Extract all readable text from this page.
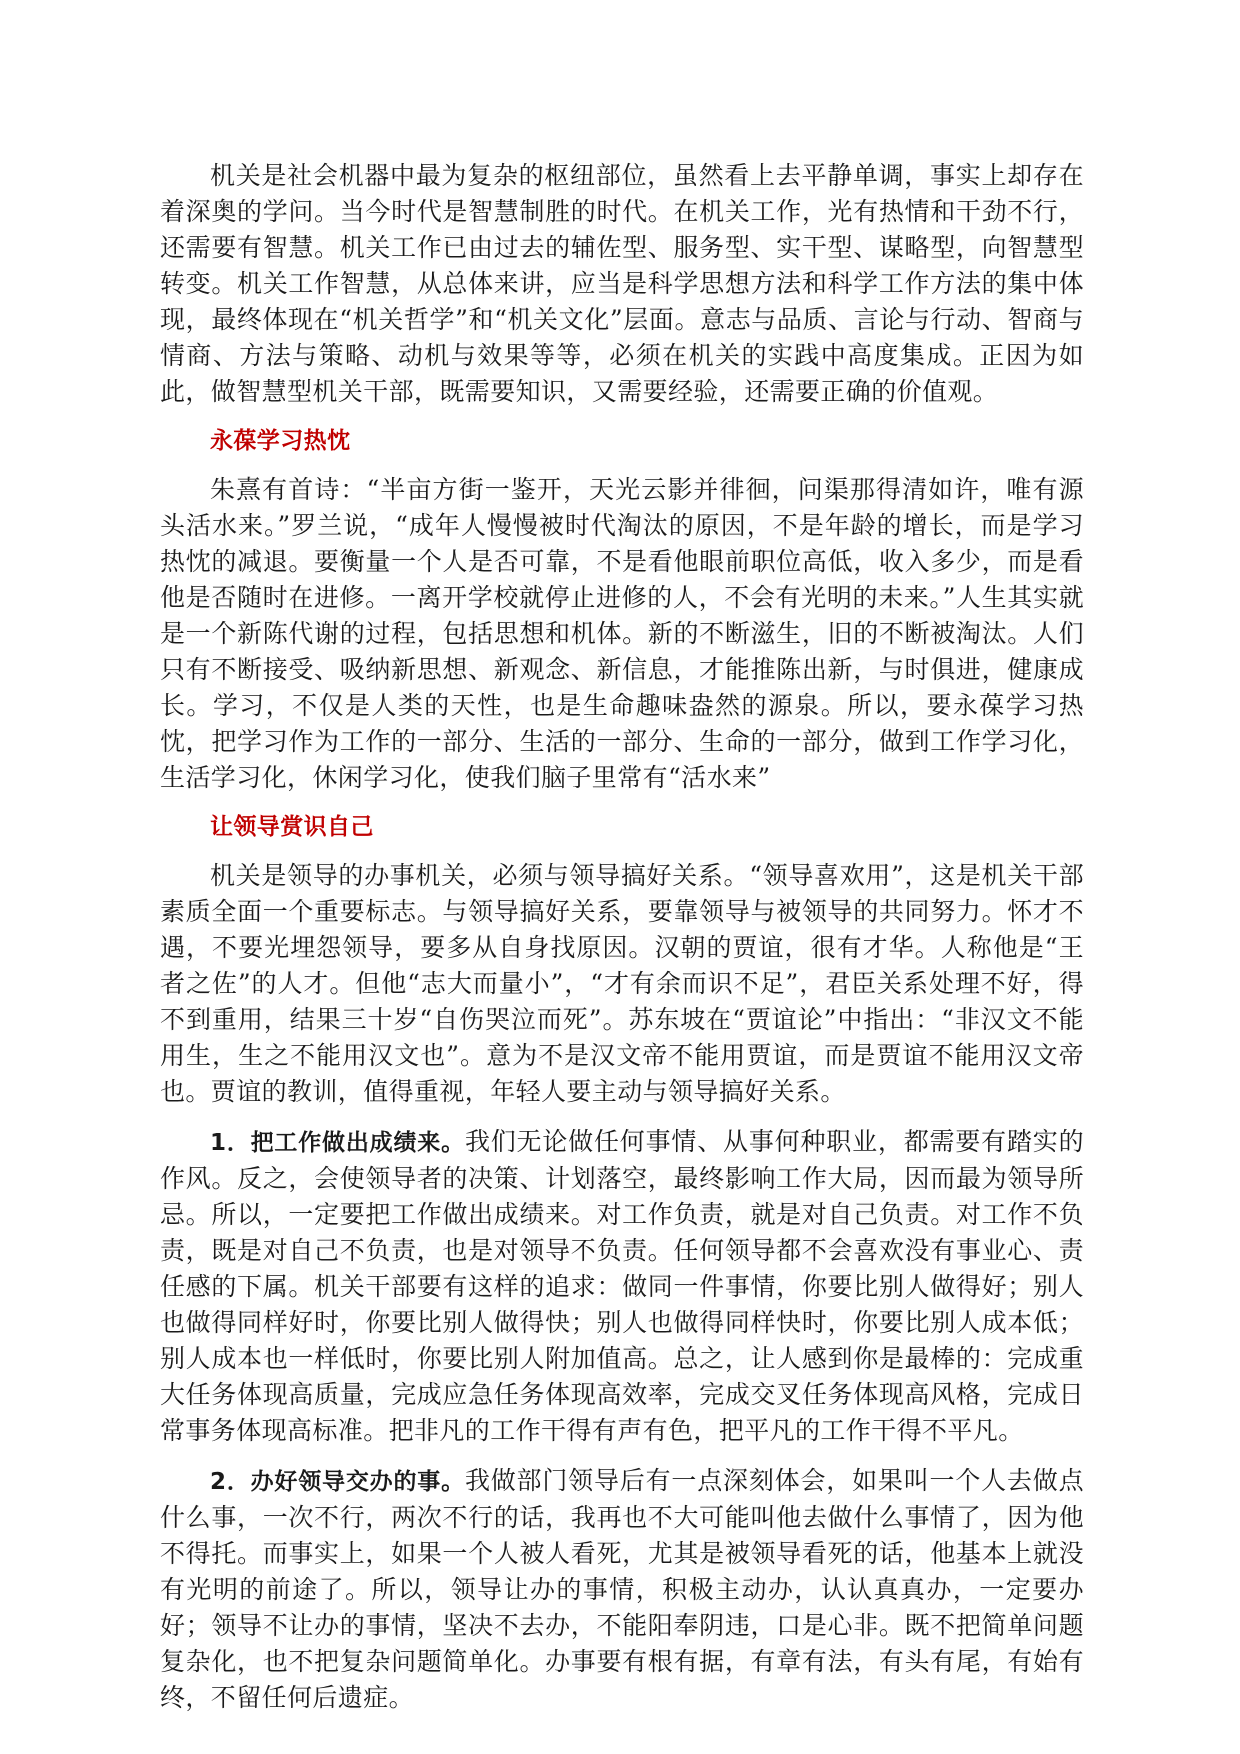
机关是社会机器中最为复杂的枢纽部位，虽然看上去平静单调，事实上却存在着深奥的学问。当今时代是智慧制胜的时代。在机关工作，光有热情和干劲不行，还需要有智慧。机关工作已由过去的辅佐型、服务型、实干型、谋略型，向智慧型转变。机关工作智慧，从总体来讲，应当是科学思想方法和科学工作方法的集中体现，最终体现在“机关哲学”和“机关文化”层面。意志与品质、言论与行动、智商与情商、方法与策略、动机与效果等等，必须在机关的实践中高度集成。正因为如此，做智慧型机关干部，既需要知识，又需要经验，还需要正确的价值观。

永葆学习热忱

朱熹有首诗：“半亩方街一鉴开，天光云影并徘徊，问渠那得清如许，唯有源头活水来。”罗兰说，“成年人慢慢被时代淘汰的原因，不是年龄的增长，而是学习热忱的减退。要衡量一个人是否可靠，不是看他眼前职位高低，收入多少，而是看他是否随时在进修。一离开学校就停止进修的人，不会有光明的未来。”人生其实就是一个新陈代谢的过程，包括思想和机体。新的不断滋生，旧的不断被淘汰。人们只有不断接受、吸纳新思想、新观念、新信息，才能推陈出新，与时俱进，健康成长。学习，不仅是人类的天性，也是生命趣味盎然的源泉。所以，要永葆学习热忱，把学习作为工作的一部分、生活的一部分、生命的一部分，做到工作学习化，生活学习化，休闲学习化，使我们脑子里常有“活水来”

让领导赏识自己

机关是领导的办事机关，必须与领导搞好关系。“领导喜欢用”，这是机关干部素质全面一个重要标志。与领导搞好关系，要靠领导与被领导的共同努力。怀才不遇，不要光埋怨领导，要多从自身找原因。汉朝的贾谊，很有才华。人称他是“王者之佐”的人才。但他“志大而量小”，“才有余而识不足”，君臣关系处理不好，得不到重用，结果三十岁“自伤哭泣而死”。苏东坡在“贾谊论”中指出：“非汉文不能用生，生之不能用汉文也”。意为不是汉文帝不能用贾谊，而是贾谊不能用汉文帝也。贾谊的教训，值得重视，年轻人要主动与领导搞好关系。

1．把工作做出成绩来。我们无论做任何事情、从事何种职业，都需要有踏实的作风。反之，会使领导者的决策、计划落空，最终影响工作大局，因而最为领导所忌。所以，一定要把工作做出成绩来。对工作负责，就是对自己负责。对工作不负责，既是对自己不负责，也是对领导不负责。任何领导都不会喜欢没有事业心、责任感的下属。机关干部要有这样的追求：做同一件事情，你要比别人做得好；别人也做得同样好时，你要比别人做得快；别人也做得同样快时，你要比别人成本低；别人成本也一样低时，你要比别人附加值高。总之，让人感到你是最棒的：完成重大任务体现高质量，完成应急任务体现高效率，完成交叉任务体现高风格，完成日常事务体现高标准。把非凡的工作干得有声有色，把平凡的工作干得不平凡。

2．办好领导交办的事。我做部门领导后有一点深刻体会，如果叫一个人去做点什么事，一次不行，两次不行的话，我再也不大可能叫他去做什么事情了，因为他不得托。而事实上，如果一个人被人看死，尤其是被领导看死的话，他基本上就没有光明的前途了。所以，领导让办的事情，积极主动办，认认真真办，一定要办好；领导不让办的事情，坚决不去办，不能阳奉阴违，口是心非。既不把简单问题复杂化，也不把复杂问题简单化。办事要有根有据，有章有法，有头有尾，有始有终，不留任何后遗症。
